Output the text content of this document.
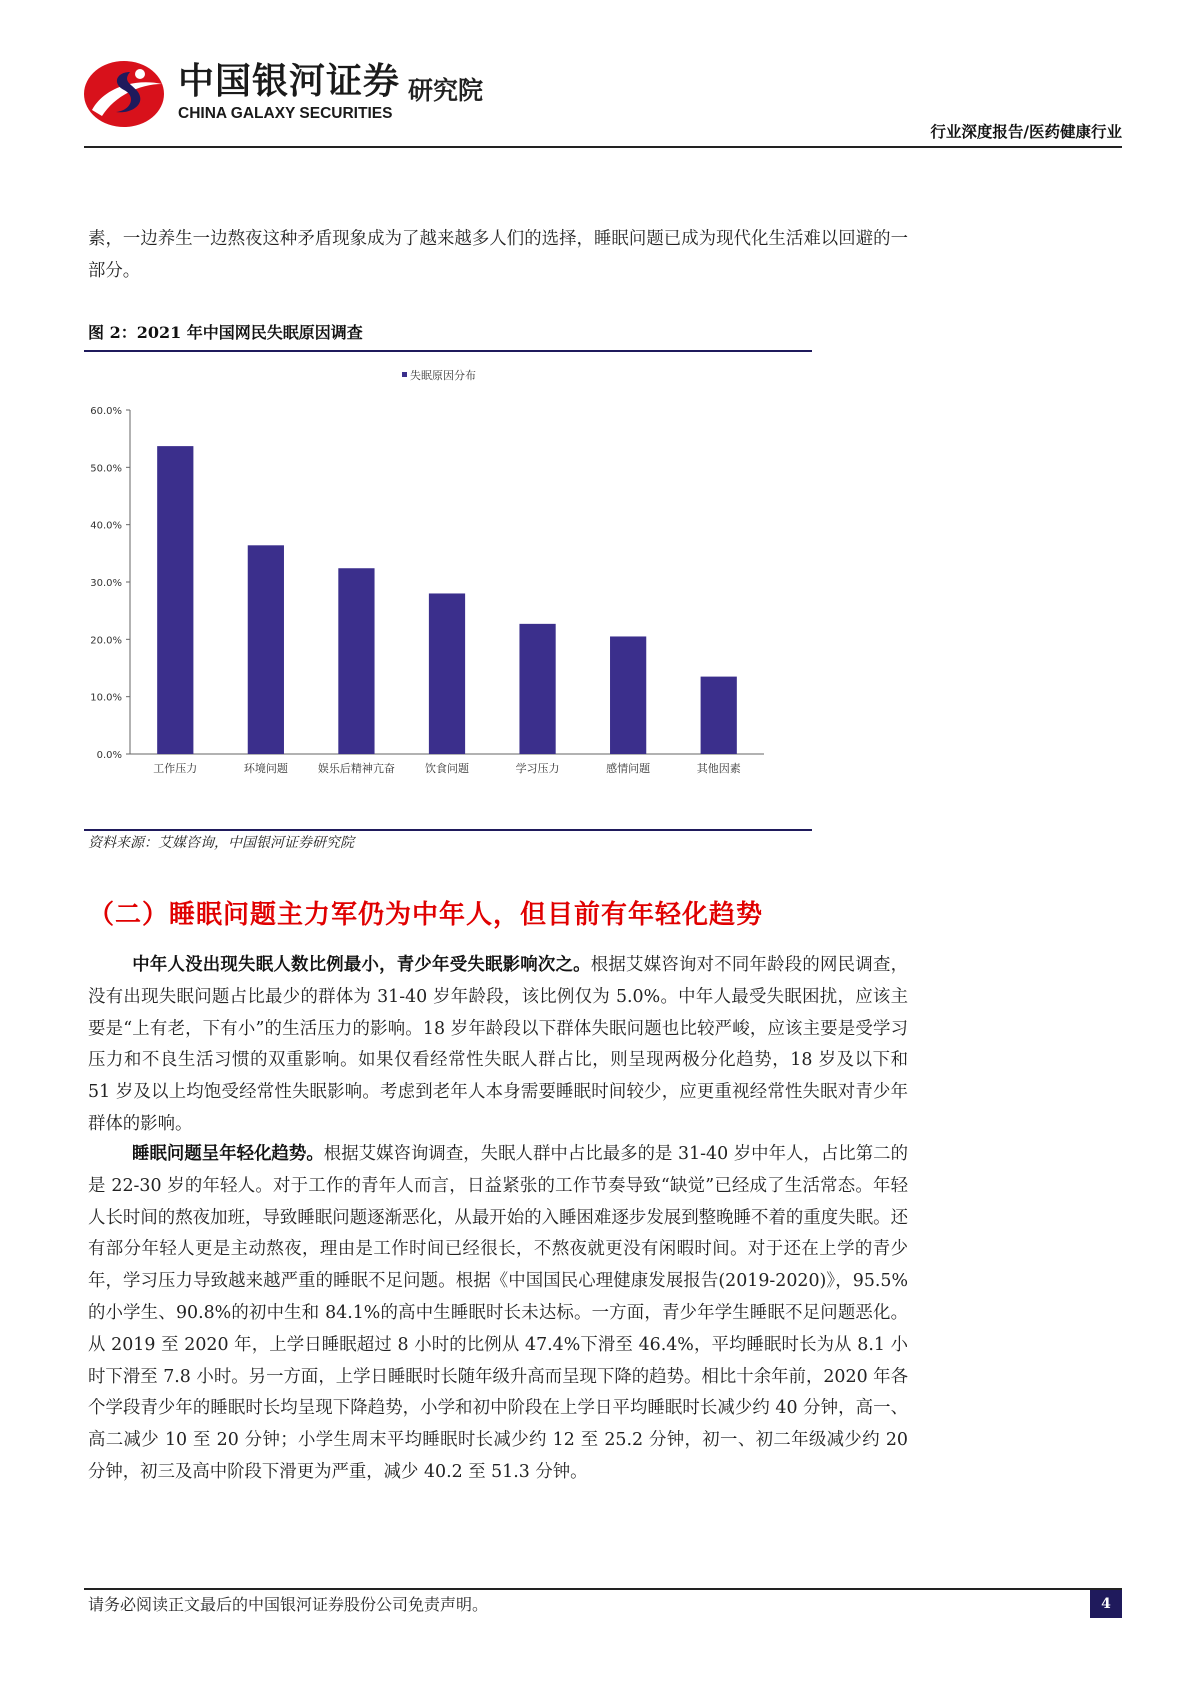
中国银河证券
CHINA GALAXY SECURITIES
研究院
行业深度报告/医药健康行业

素，一边养生一边熬夜这种矛盾现象成为了越来越多人们的选择，睡眠问题已成为现代化生活难以回避的一部分。

图 2：2021 年中国网民失眠原因调查
失眠原因分布
0.0%
10.0%
20.0%
30.0%
40.0%
50.0%
60.0%
工作压力	环境问题	娱乐后精神亢奋	饮食问题	学习压力	感情问题	其他因素
资料来源：艾媒咨询，中国银河证券研究院
（二）睡眠问题主力军仍为中年人，但目前有年轻化趋势

中年人没出现失眠人数比例最小，青少年受失眠影响次之。根据艾媒咨询对不同年龄段的网民调查，没有出现失眠问题占比最少的群体为 31-40 岁年龄段，该比例仅为 5.0%。中年人最受失眠困扰，应该主要是“上有老，下有小”的生活压力的影响。18 岁年龄段以下群体失眠问题也比较严峻，应该主要是受学习压力和不良生活习惯的双重影响。如果仅看经常性失眠人群占比，则呈现两极分化趋势，18 岁及以下和 51 岁及以上均饱受经常性失眠影响。考虑到老年人本身需要睡眠时间较少，应更重视经常性失眠对青少年群体的影响。

睡眠问题呈年轻化趋势。根据艾媒咨询调查，失眠人群中占比最多的是 31-40 岁中年人，占比第二的是 22-30 岁的年轻人。对于工作的青年人而言，日益紧张的工作节奏导致“缺觉”已经成了生活常态。年轻人长时间的熬夜加班，导致睡眠问题逐渐恶化，从最开始的入睡困难逐步发展到整晚睡不着的重度失眠。还有部分年轻人更是主动熬夜，理由是工作时间已经很长，不熬夜就更没有闲暇时间。对于还在上学的青少年，学习压力导致越来越严重的睡眠不足问题。根据《中国国民心理健康发展报告(2019-2020)》，95.5%的小学生、90.8%的初中生和 84.1%的高中生睡眠时长未达标。一方面，青少年学生睡眠不足问题恶化。从 2019 至 2020 年，上学日睡眠超过 8 小时的比例从 47.4%下滑至 46.4%，平均睡眠时长为从 8.1 小时下滑至 7.8 小时。另一方面，上学日睡眠时长随年级升高而呈现下降的趋势。相比十余年前，2020 年各个学段青少年的睡眠时长均呈现下降趋势，小学和初中阶段在上学日平均睡眠时长减少约 40 分钟，高一、高二减少 10 至 20 分钟；小学生周末平均睡眠时长减少约 12 至 25.2 分钟，初一、初二年级减少约 20 分钟，初三及高中阶段下滑更为严重，减少 40.2 至 51.3 分钟。

请务必阅读正文最后的中国银河证券股份公司免责声明。	4
